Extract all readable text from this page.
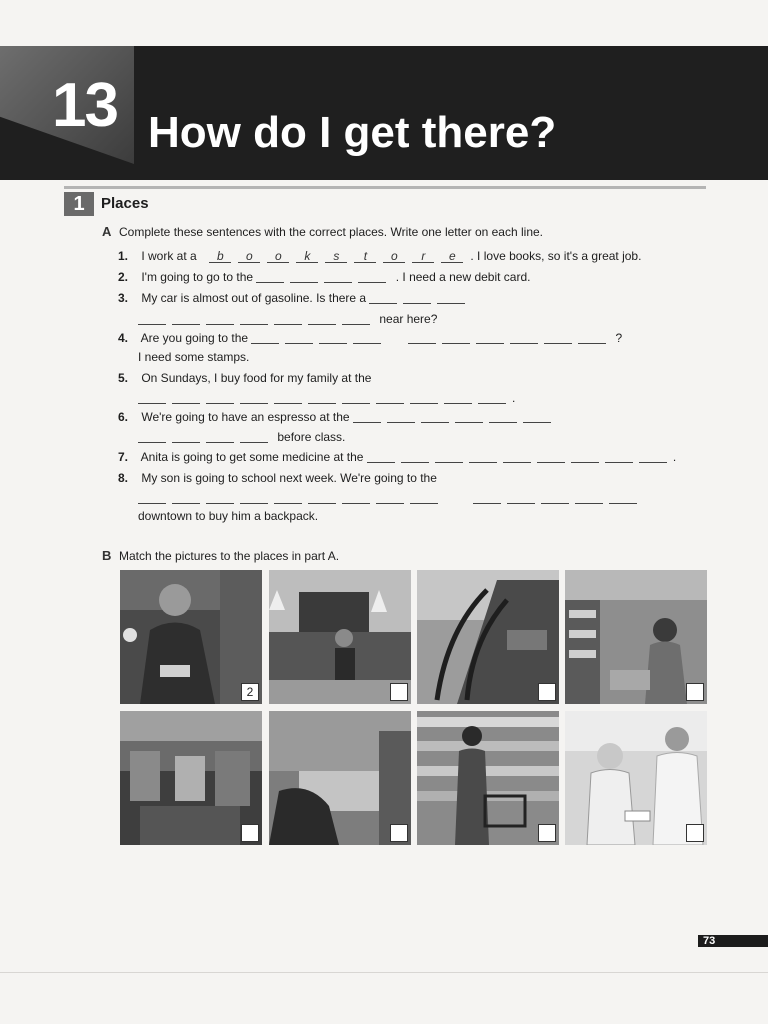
13 How do I get there?
1	Places
A Complete these sentences with the correct places. Write one letter on each line.
1. I work at a b o o k s t o r e . I love books, so it's a great job.
2. I'm going to go to the	. I need a new debit card.
3. My car is almost out of gasoline. Is there a
near here?
4. Are you going to the	?
I need some stamps.
5. On Sundays, I buy food for my family at the
.
6. We're going to have an espresso at the
before class.
7. Anita is going to get some medicine at the	.
8. My son is going to school next week. We're going to the

downtown to buy him a backpack.
B Match the pictures to the places in part A.
2
73
